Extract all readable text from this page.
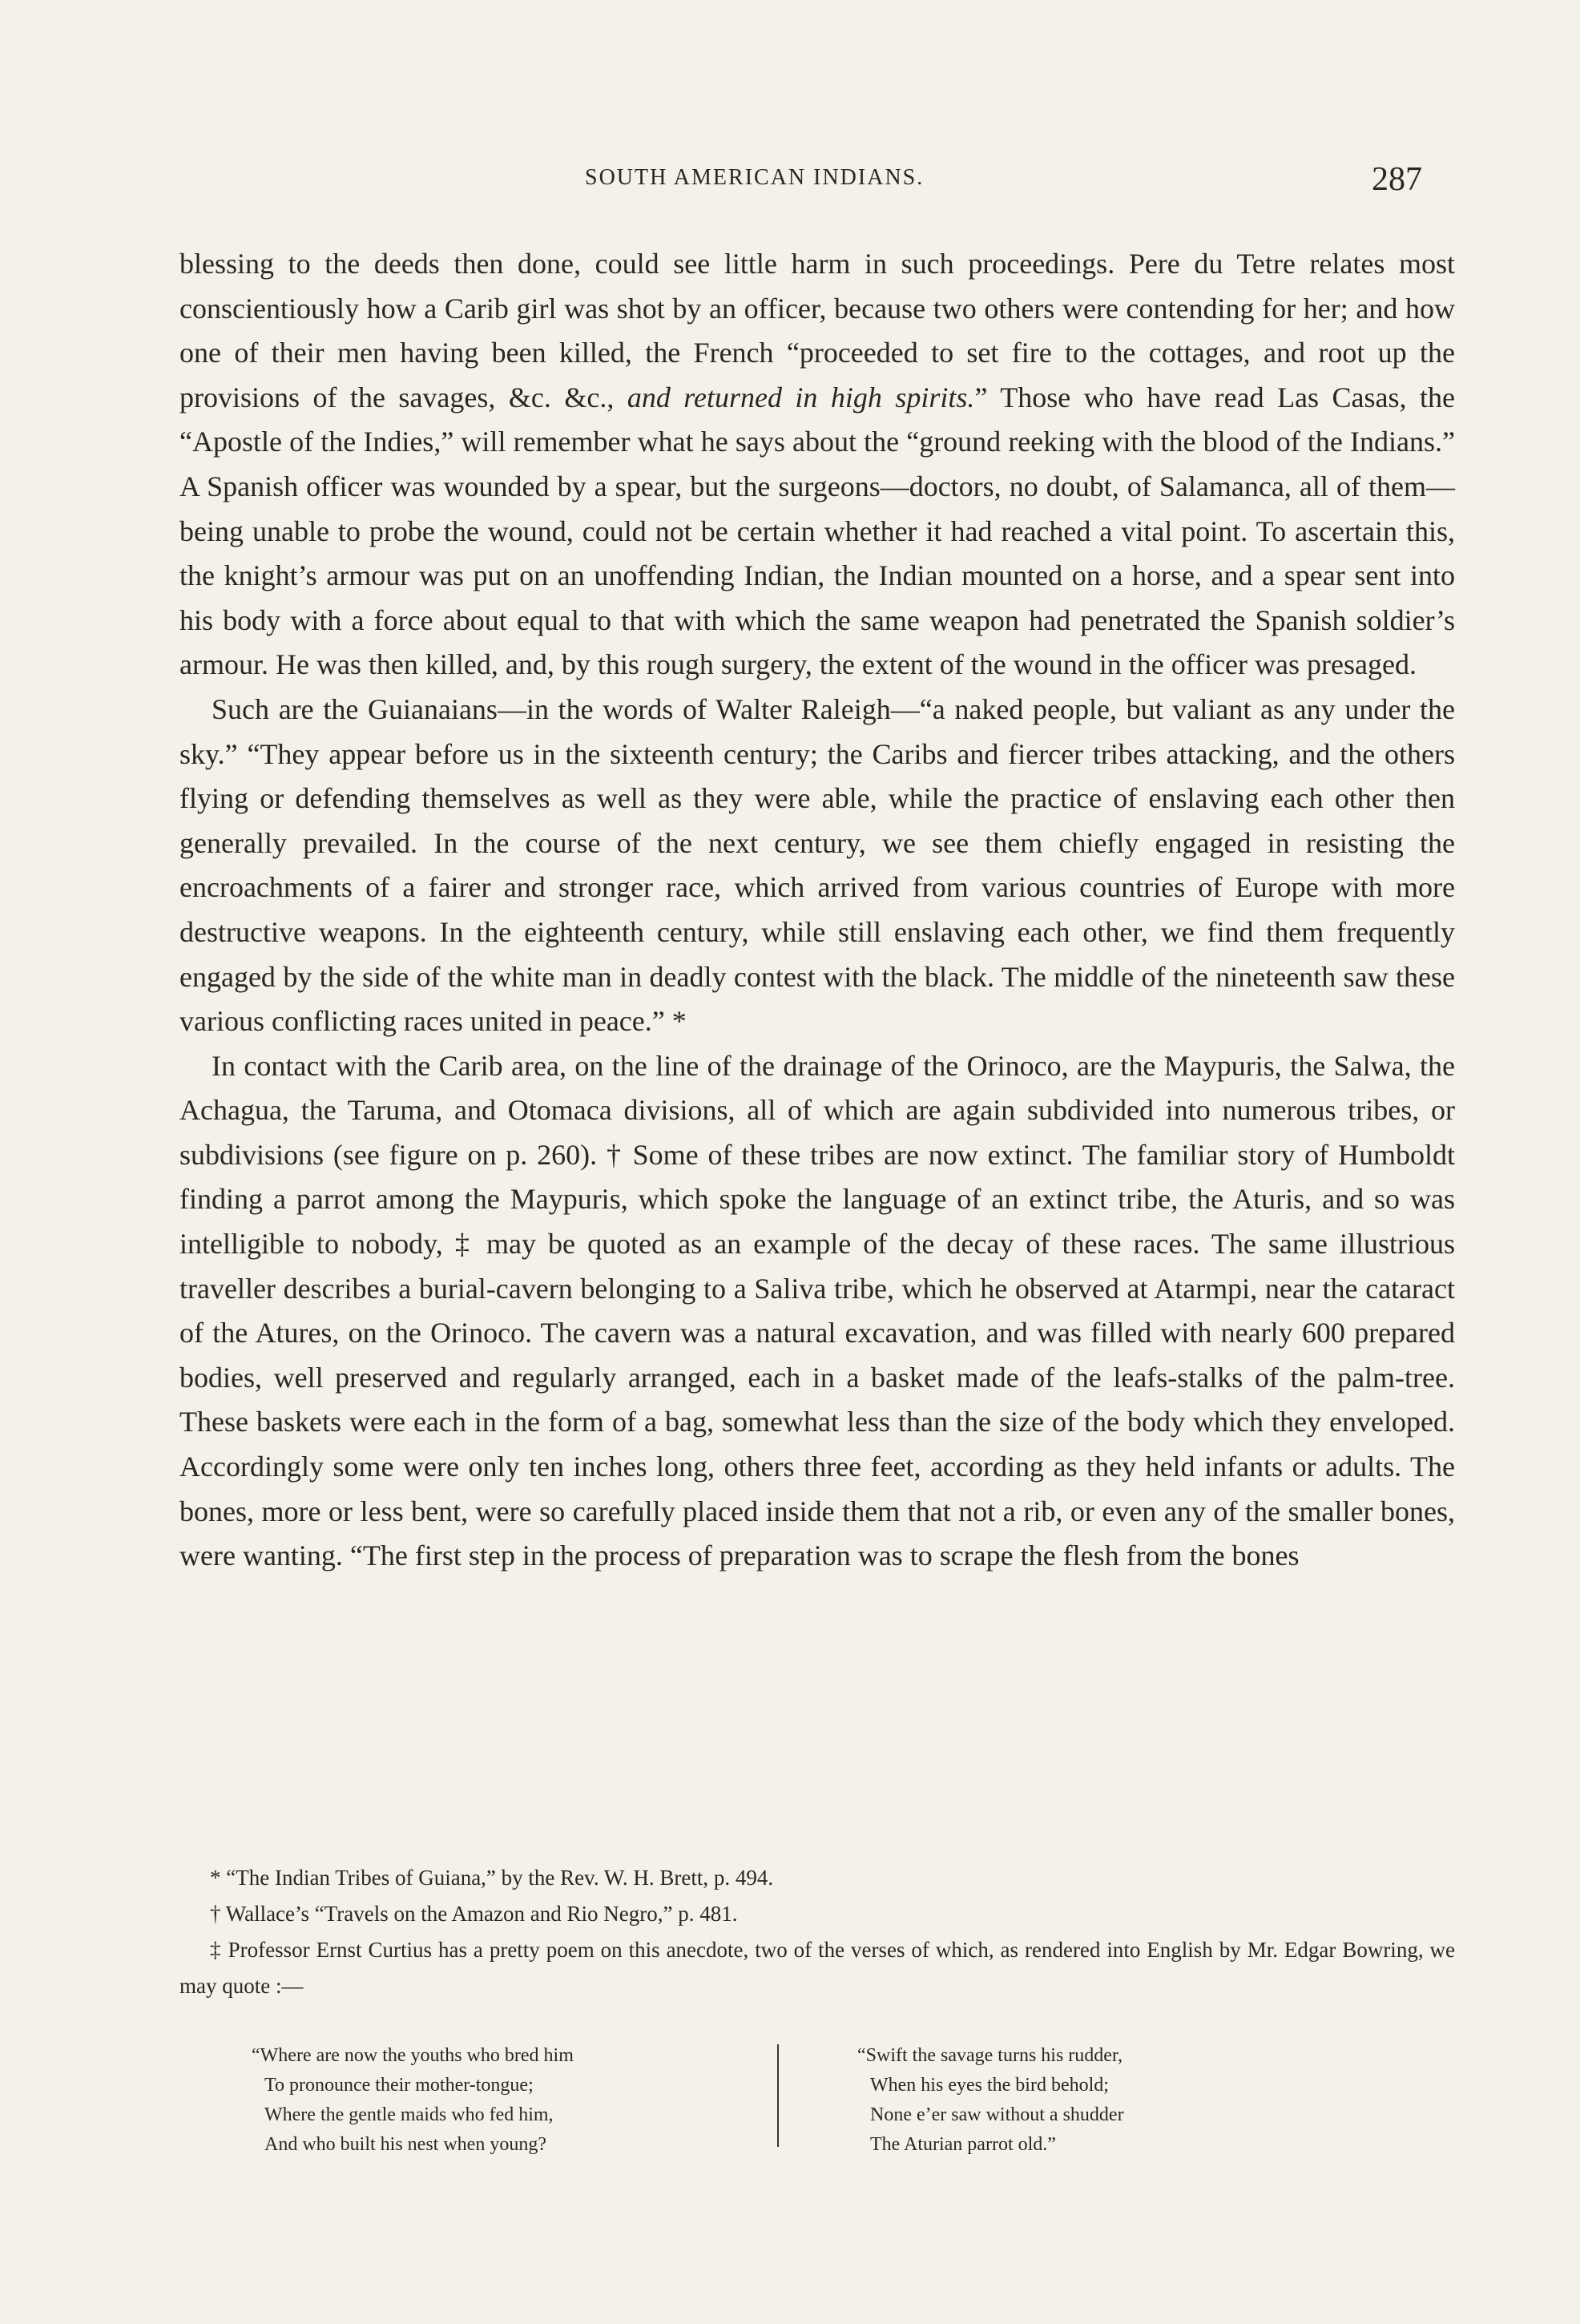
SOUTH AMERICAN INDIANS.	287

blessing to the deeds then done, could see little harm in such proceedings. Pere du Tetre relates most conscientiously how a Carib girl was shot by an officer, because two others were contending for her; and how one of their men having been killed, the French “proceeded to set fire to the cottages, and root up the provisions of the savages, &c. &c., and returned in high spirits.” Those who have read Las Casas, the “Apostle of the Indies,” will remember what he says about the “ground reeking with the blood of the Indians.” A Spanish officer was wounded by a spear, but the surgeons—doctors, no doubt, of Salamanca, all of them—being unable to probe the wound, could not be certain whether it had reached a vital point. To ascertain this, the knight’s armour was put on an unoffending Indian, the Indian mounted on a horse, and a spear sent into his body with a force about equal to that with which the same weapon had penetrated the Spanish soldier’s armour. He was then killed, and, by this rough surgery, the extent of the wound in the officer was presaged.

Such are the Guianaians—in the words of Walter Raleigh—“a naked people, but valiant as any under the sky.” “They appear before us in the sixteenth century; the Caribs and fiercer tribes attacking, and the others flying or defending themselves as well as they were able, while the practice of enslaving each other then generally prevailed. In the course of the next century, we see them chiefly engaged in resisting the encroachments of a fairer and stronger race, which arrived from various countries of Europe with more destructive weapons. In the eighteenth century, while still enslaving each other, we find them frequently engaged by the side of the white man in deadly contest with the black. The middle of the nineteenth saw these various conflicting races united in peace.” *

In contact with the Carib area, on the line of the drainage of the Orinoco, are the Maypuris, the Salwa, the Achagua, the Taruma, and Otomaca divisions, all of which are again subdivided into numerous tribes, or subdivisions (see figure on p. 260). † Some of these tribes are now extinct. The familiar story of Humboldt finding a parrot among the Maypuris, which spoke the language of an extinct tribe, the Aturis, and so was intelligible to nobody, ‡ may be quoted as an example of the decay of these races. The same illustrious traveller describes a burial-cavern belonging to a Saliva tribe, which he observed at Atarmpi, near the cataract of the Atures, on the Orinoco. The cavern was a natural excavation, and was filled with nearly 600 prepared bodies, well preserved and regularly arranged, each in a basket made of the leafs-stalks of the palm-tree. These baskets were each in the form of a bag, somewhat less than the size of the body which they enveloped. Accordingly some were only ten inches long, others three feet, according as they held infants or adults. The bones, more or less bent, were so carefully placed inside them that not a rib, or even any of the smaller bones, were wanting. “The first step in the process of preparation was to scrape the flesh from the bones

* “The Indian Tribes of Guiana,” by the Rev. W. H. Brett, p. 494.

† Wallace’s “Travels on the Amazon and Rio Negro,” p. 481.

‡ Professor Ernst Curtius has a pretty poem on this anecdote, two of the verses of which, as rendered into English by Mr. Edgar Bowring, we may quote :—

“Where are now the youths who bred him
To pronounce their mother-tongue;
Where the gentle maids who fed him,
And who built his nest when young?
“Swift the savage turns his rudder,
When his eyes the bird behold;
None e’er saw without a shudder
The Aturian parrot old.”
